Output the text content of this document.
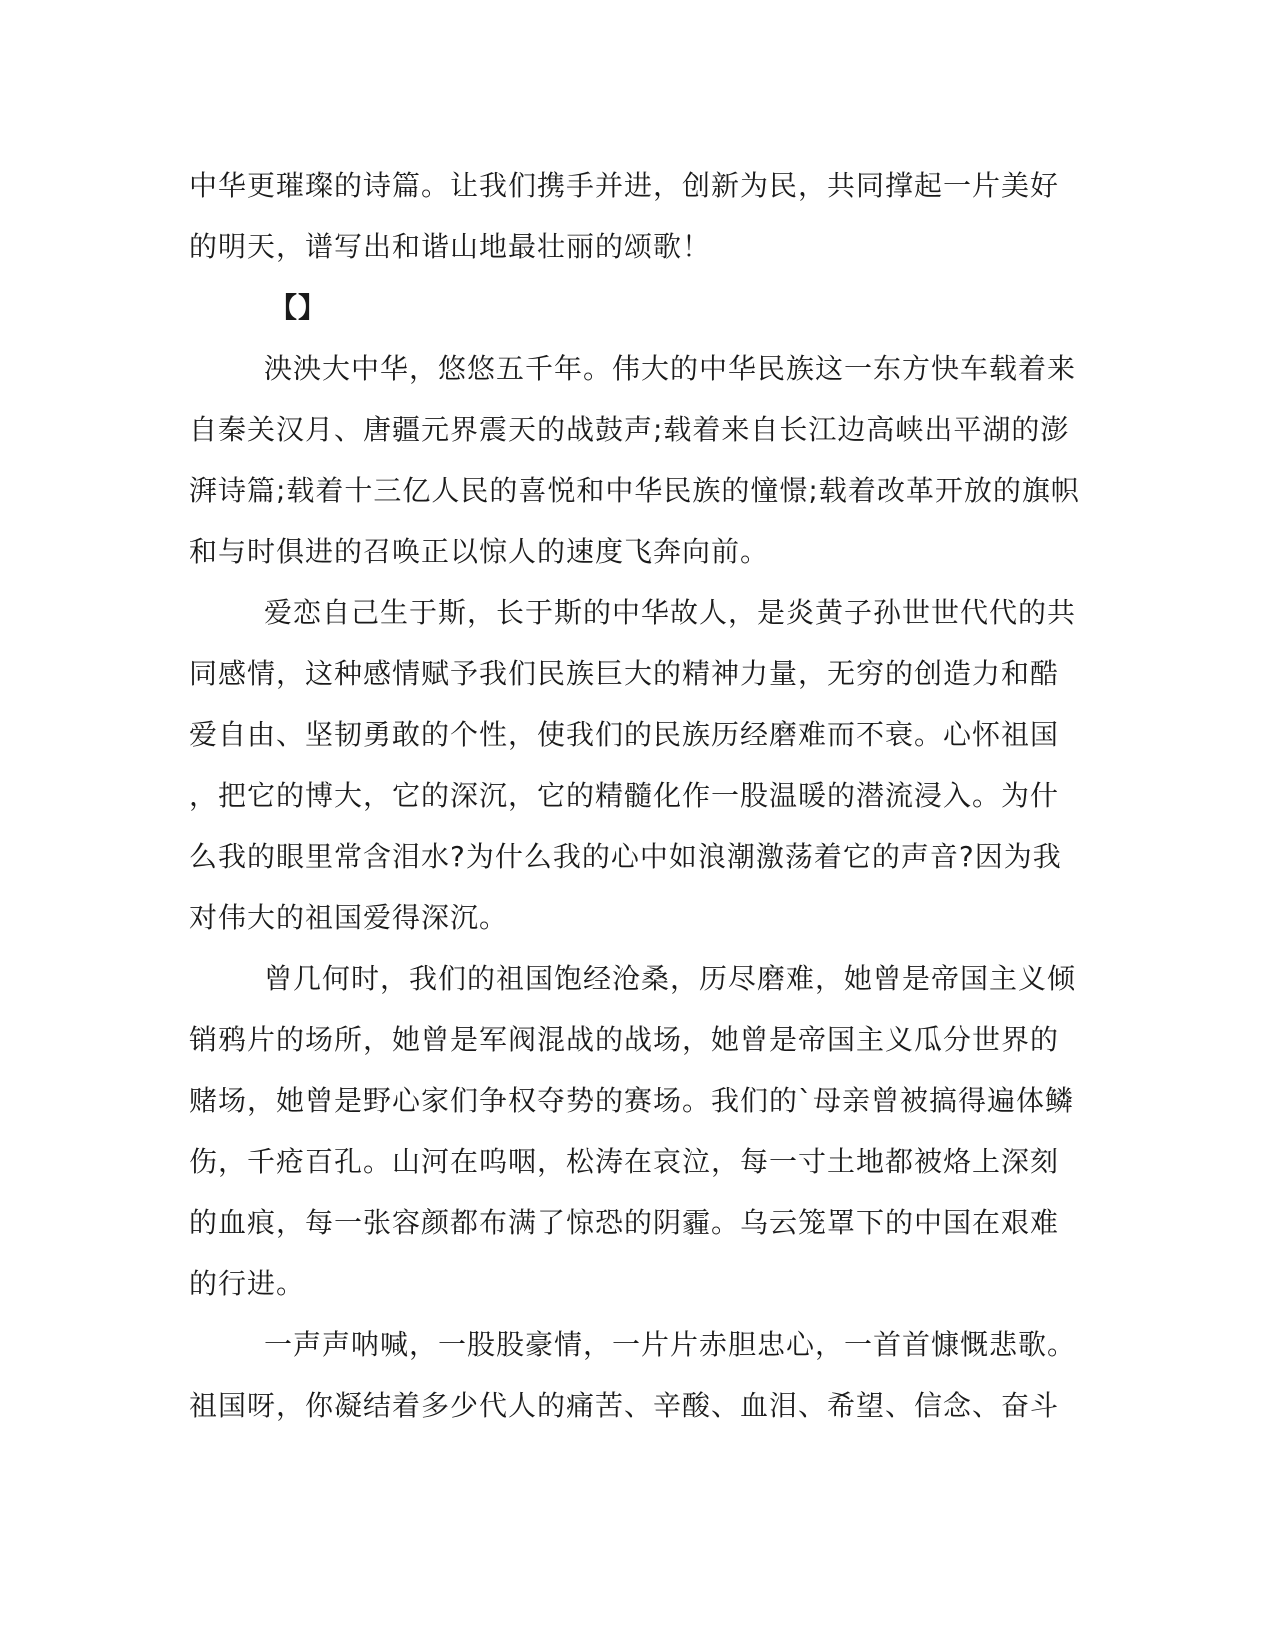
中华更璀璨的诗篇。让我们携手并进，创新为民，共同撑起一片美好
的明天，谱写出和谐山地最壮丽的颂歌！
【】
泱泱大中华，悠悠五千年。伟大的中华民族这一东方快车载着来
自秦关汉月、唐疆元界震天的战鼓声;载着来自长江边高峡出平湖的澎
湃诗篇;载着十三亿人民的喜悦和中华民族的憧憬;载着改革开放的旗帜
和与时俱进的召唤正以惊人的速度飞奔向前。
爱恋自己生于斯，长于斯的中华故人，是炎黄子孙世世代代的共
同感情，这种感情赋予我们民族巨大的精神力量，无穷的创造力和酷
爱自由、坚韧勇敢的个性，使我们的民族历经磨难而不衰。心怀祖国
，把它的博大，它的深沉，它的精髓化作一股温暖的潜流浸入。为什
么我的眼里常含泪水?为什么我的心中如浪潮激荡着它的声音?因为我
对伟大的祖国爱得深沉。
曾几何时，我们的祖国饱经沧桑，历尽磨难，她曾是帝国主义倾
销鸦片的场所，她曾是军阀混战的战场，她曾是帝国主义瓜分世界的
赌场，她曾是野心家们争权夺势的赛场。我们的`母亲曾被搞得遍体鳞
伤，千疮百孔。山河在呜咽，松涛在哀泣，每一寸土地都被烙上深刻
的血痕，每一张容颜都布满了惊恐的阴霾。乌云笼罩下的中国在艰难
的行进。
一声声呐喊，一股股豪情，一片片赤胆忠心，一首首慷慨悲歌。
祖国呀，你凝结着多少代人的痛苦、辛酸、血泪、希望、信念、奋斗
